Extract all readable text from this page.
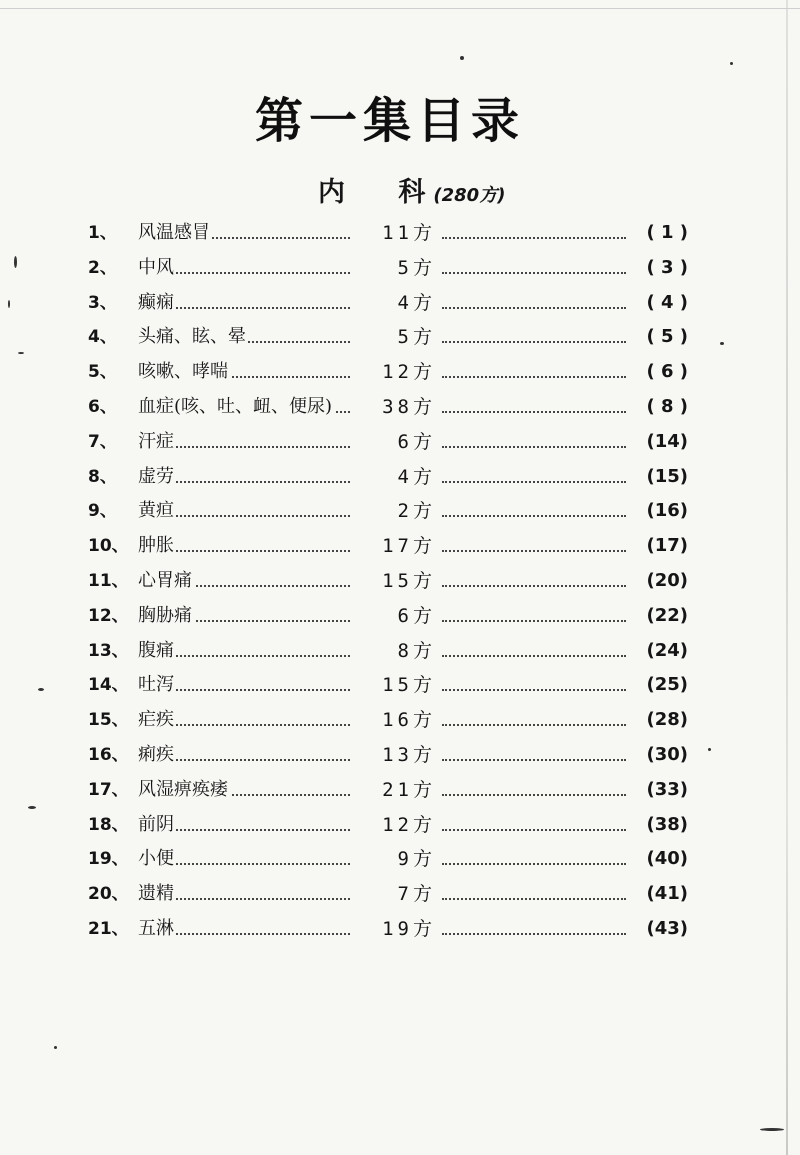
第一集目录
内 科(280方)
1、	风温感冒	11方	( 1 )
2、	中风	5方	( 3 )
3、	癫痫	4方	( 4 )
4、	头痛、眩、晕	5方	( 5 )
5、	咳嗽、哮喘	12方	( 6 )
6、	血症(咳、吐、衄、便尿)	38方	( 8 )
7、	汗症	6方	(14)
8、	虚劳	4方	(15)
9、	黄疸	2方	(16)
10、 肿胀	17方	(17)
11、 心胃痛	15方	(20)
12、 胸胁痛	6方	(22)
13、 腹痛	8方	(24)
14、 吐泻	15方	(25)
15、 疟疾	16方	(28)
16、 痢疾	13方	(30)
17、 风湿痹痪痿	21方	(33)
18、 前阴	12方	(38)
19、 小便	9方	(40)
20、 遗精	7方	(41)
21、 五淋	19方	(43)
